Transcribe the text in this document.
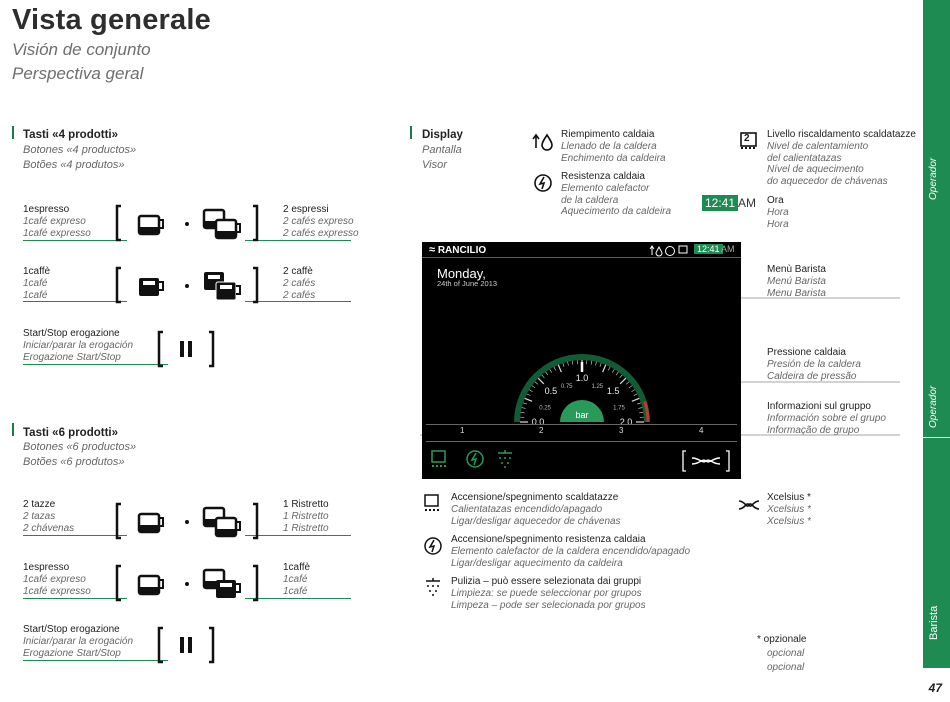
Vista generale
Visión de conjunto
Perspectiva geral
Operador
Operador
Barista
47
Tasti «4 prodotti»
Botones «4 productos»
Botões «4 produtos»
1espresso
1café expreso
1café expresso
2 espressi
2 cafés expreso
2 cafés expresso
1caffè
1café
1café
2 caffè
2 cafés
2 cafés
Start/Stop erogazione
Iniciar/parar la erogación
Erogazione Start/Stop
Tasti «6 prodotti»
Botones «6 productos»
Botões «6 produtos»
2 tazze
2 tazas
2 chávenas
1 Ristretto
1 Ristretto
1 Ristretto
1espresso
1café expreso
1café expresso
1caffè
1café
1café
Start/Stop erogazione
Iniciar/parar la erogación
Erogazione Start/Stop
Display
Pantalla
Visor
Riempimento caldaia
Llenado de la caldera
Enchimento da caldeira
Resistenza caldaia
Elemento calefactor
de la caldera
Aquecimento da caldeira
2 Livello riscaldamento scaldatazze
Nivel de calentamiento
del calientatazas
Nível de aquecimento
do aquecedor de chávenas
12:41 AM Ora
Hora
Hora
Menù Barista
Menú Barista
Menu Barista
Pressione caldaia
Presión de la caldera
Caldeira de pressão
Informazioni sul gruppo
Información sobre el grupo
Informação de grupo
≈ RANCILIO	12:41 AM
Monday,
24th of June 2013
0.0
0.25
0.5 0.75
1.0
1.25 1.5
1.75
2.0
bar
1	2	3	4
Accensione/spegnimento scaldatazze
Calientatazas encendido/apagado
Ligar/desligar aquecedor de chávenas
Accensione/spegnimento resistenza caldaia
Elemento calefactor de la caldera encendido/apagado
Ligar/desligar aquecimento da caldeira
Pulizia – può essere selezionata dai gruppi
Limpieza: se puede seleccionar por grupos
Limpeza – pode ser selecionada por grupos
Xcelsius *
Xcelsius *
Xcelsius *
* opzionale
opcional
opcional
